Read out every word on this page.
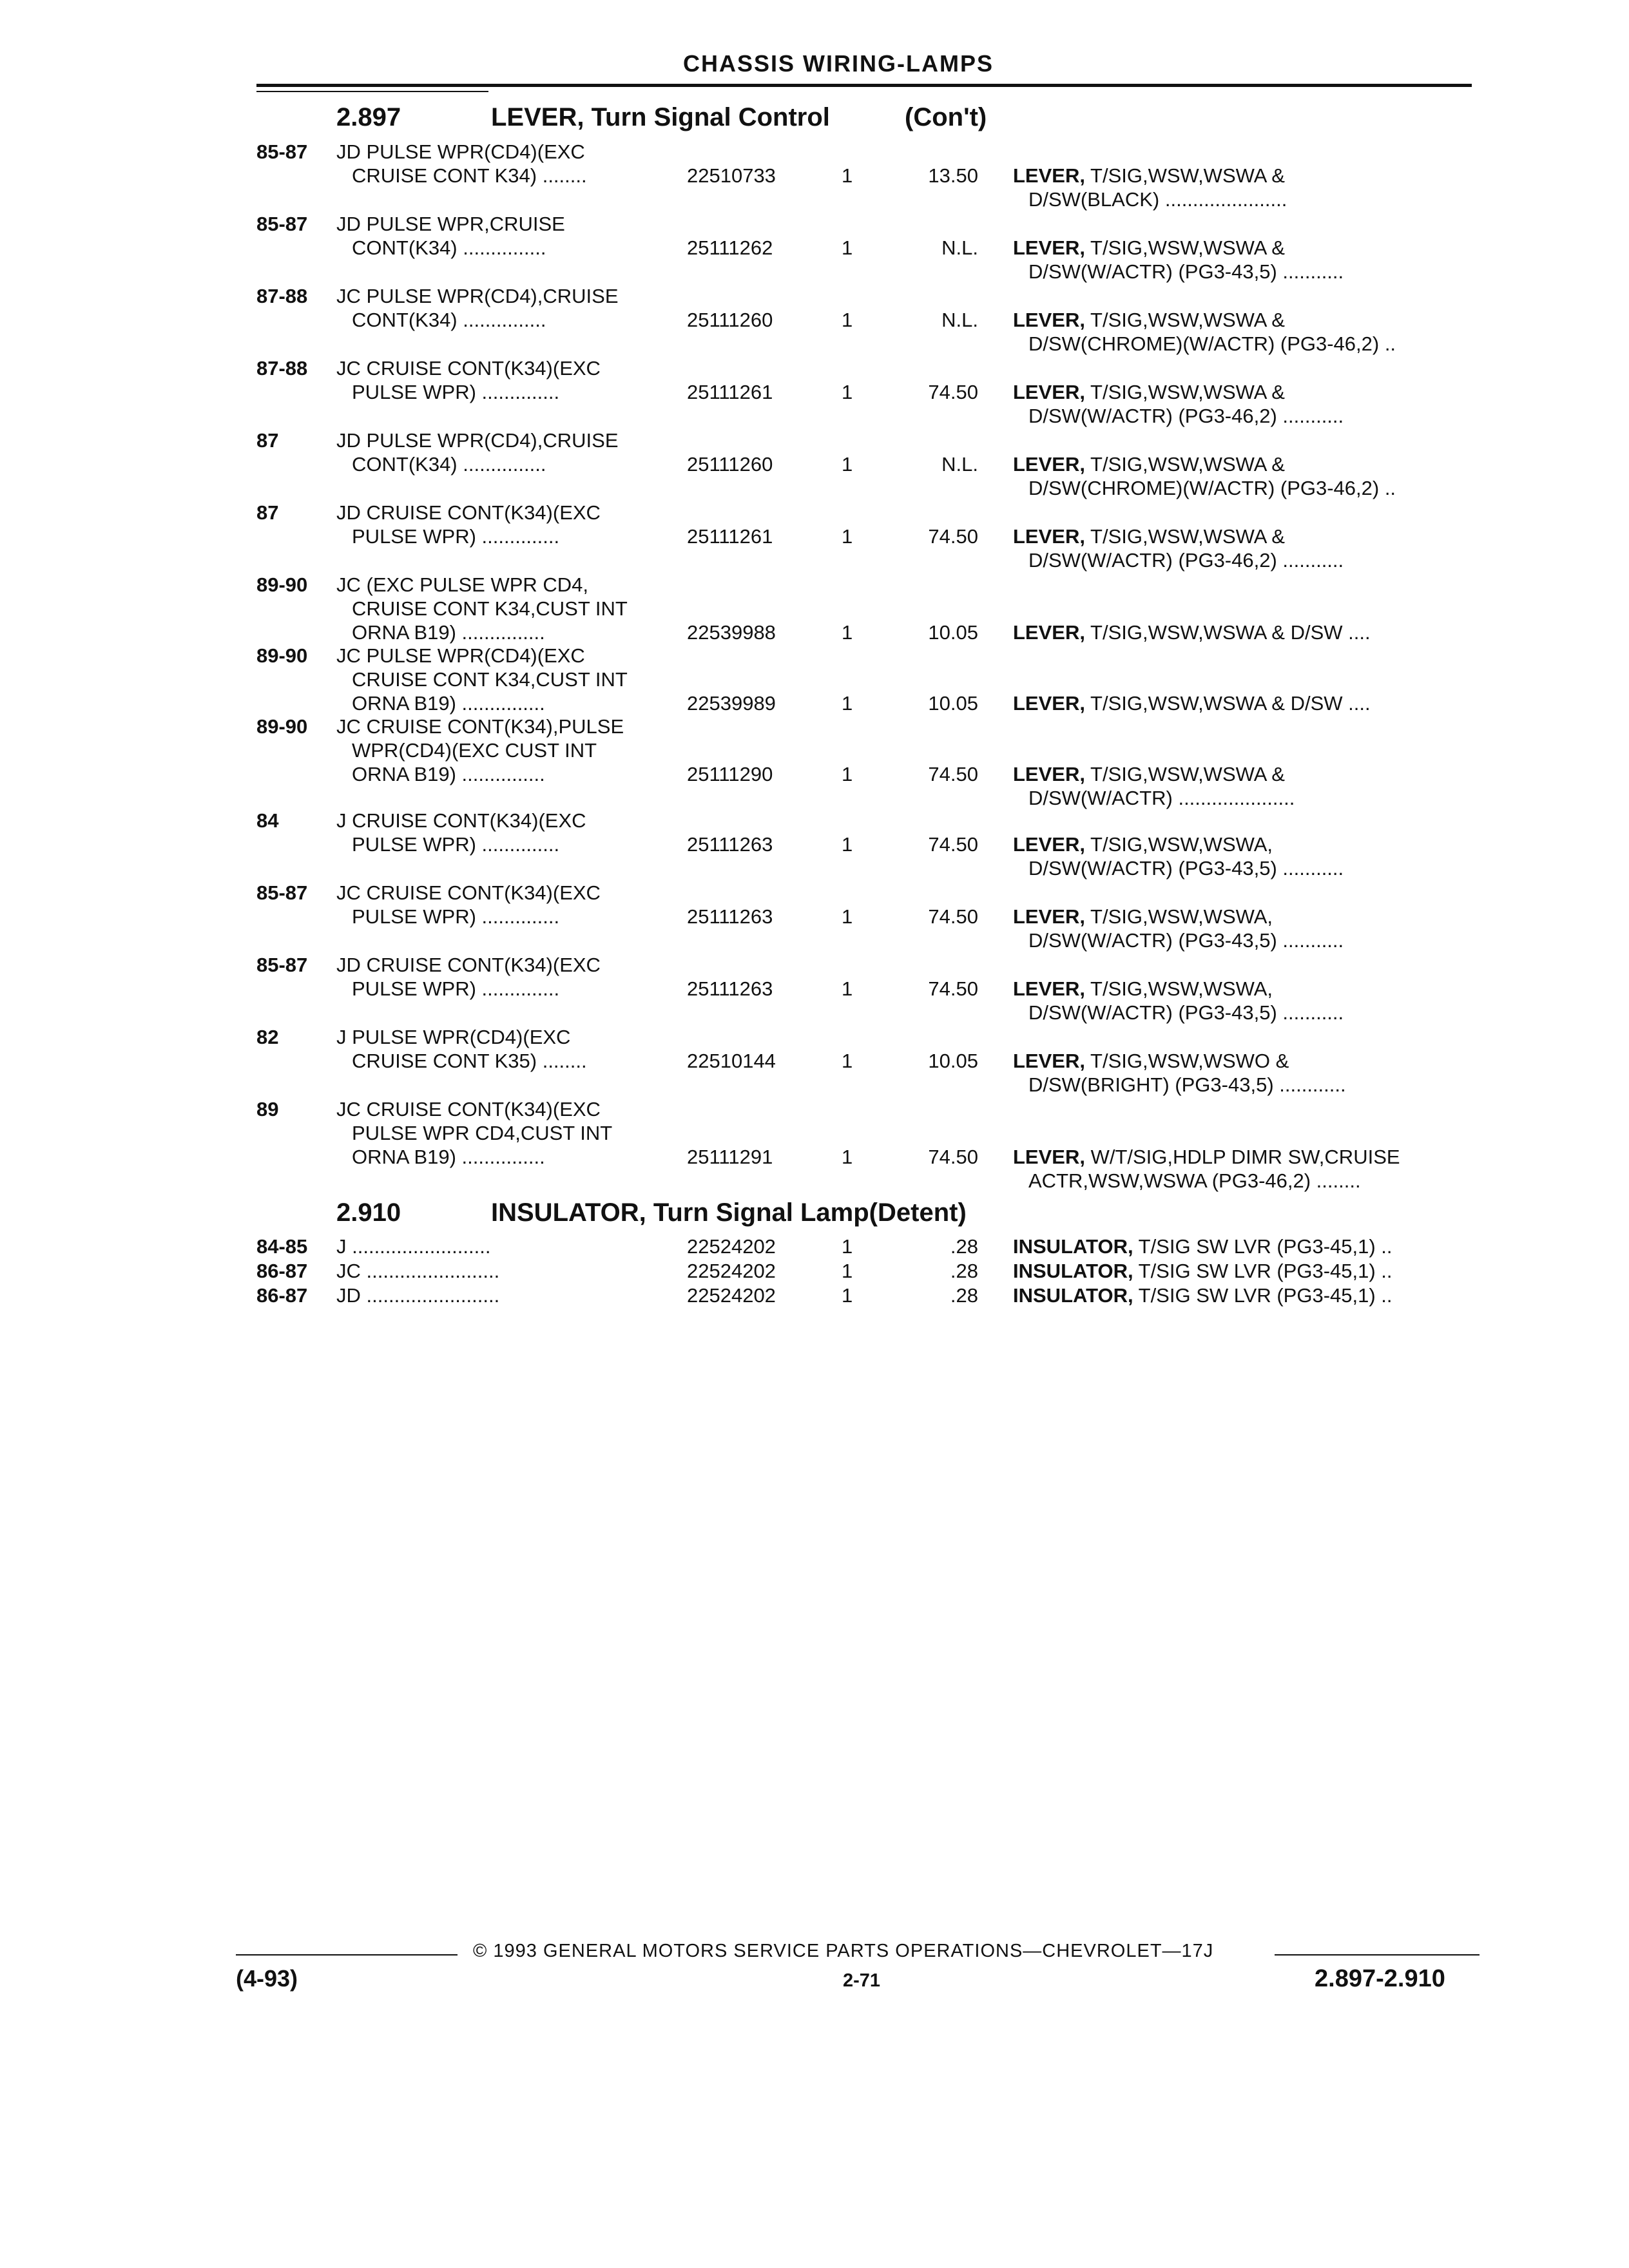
CHASSIS WIRING-LAMPS
2.897	LEVER, Turn Signal Control	(Con't)
85-87 JD PULSE WPR(CD4)(EXC
CRUISE CONT K34) ........	22510733	1	13.50 LEVER, T/SIG,WSW,WSWA &
D/SW(BLACK) ......................
85-87 JD PULSE WPR,CRUISE
CONT(K34) ...............	25111262	1	N.L. LEVER, T/SIG,WSW,WSWA &
D/SW(W/ACTR) (PG3-43,5) ...........
87-88 JC PULSE WPR(CD4),CRUISE
CONT(K34) ...............	25111260	1	N.L. LEVER, T/SIG,WSW,WSWA &
D/SW(CHROME)(W/ACTR) (PG3-46,2) ..
87-88 JC CRUISE CONT(K34)(EXC
PULSE WPR) ..............	25111261	1	74.50 LEVER, T/SIG,WSW,WSWA &
D/SW(W/ACTR) (PG3-46,2) ...........
87	JD PULSE WPR(CD4),CRUISE
CONT(K34) ...............	25111260	1	N.L. LEVER, T/SIG,WSW,WSWA &
D/SW(CHROME)(W/ACTR) (PG3-46,2) ..
87	JD CRUISE CONT(K34)(EXC
PULSE WPR) ..............	25111261	1	74.50 LEVER, T/SIG,WSW,WSWA &
D/SW(W/ACTR) (PG3-46,2) ...........
89-90 JC (EXC PULSE WPR CD4,
CRUISE CONT K34,CUST INT
ORNA B19) ...............	22539988	1	10.05 LEVER, T/SIG,WSW,WSWA & D/SW ....
89-90 JC PULSE WPR(CD4)(EXC
CRUISE CONT K34,CUST INT
ORNA B19) ...............	22539989	1	10.05 LEVER, T/SIG,WSW,WSWA & D/SW ....
89-90 JC CRUISE CONT(K34),PULSE
WPR(CD4)(EXC CUST INT
ORNA B19) ...............	25111290	1	74.50 LEVER, T/SIG,WSW,WSWA &
D/SW(W/ACTR) .....................
84	J CRUISE CONT(K34)(EXC
PULSE WPR) ..............	25111263	1	74.50 LEVER, T/SIG,WSW,WSWA,
D/SW(W/ACTR) (PG3-43,5) ...........
85-87 JC CRUISE CONT(K34)(EXC
PULSE WPR) ..............	25111263	1	74.50 LEVER, T/SIG,WSW,WSWA,
D/SW(W/ACTR) (PG3-43,5) ...........
85-87 JD CRUISE CONT(K34)(EXC
PULSE WPR) ..............	25111263	1	74.50 LEVER, T/SIG,WSW,WSWA,
D/SW(W/ACTR) (PG3-43,5) ...........
82	J PULSE WPR(CD4)(EXC
CRUISE CONT K35) ........	22510144	1	10.05 LEVER, T/SIG,WSW,WSWO &
D/SW(BRIGHT) (PG3-43,5) ............
89	JC CRUISE CONT(K34)(EXC
PULSE WPR CD4,CUST INT
ORNA B19) ...............	25111291	1	74.50 LEVER, W/T/SIG,HDLP DIMR SW,CRUISE
ACTR,WSW,WSWA (PG3-46,2) ........
2.910	INSULATOR, Turn Signal Lamp(Detent)
84-85 J .........................	22524202	1	.28 INSULATOR, T/SIG SW LVR (PG3-45,1) ..
86-87 JC ........................	22524202	1	.28 INSULATOR, T/SIG SW LVR (PG3-45,1) ..
86-87 JD ........................	22524202	1	.28 INSULATOR, T/SIG SW LVR (PG3-45,1) ..
© 1993 GENERAL MOTORS SERVICE PARTS OPERATIONS—CHEVROLET—17J
(4-93)	2-71	2.897-2.910
